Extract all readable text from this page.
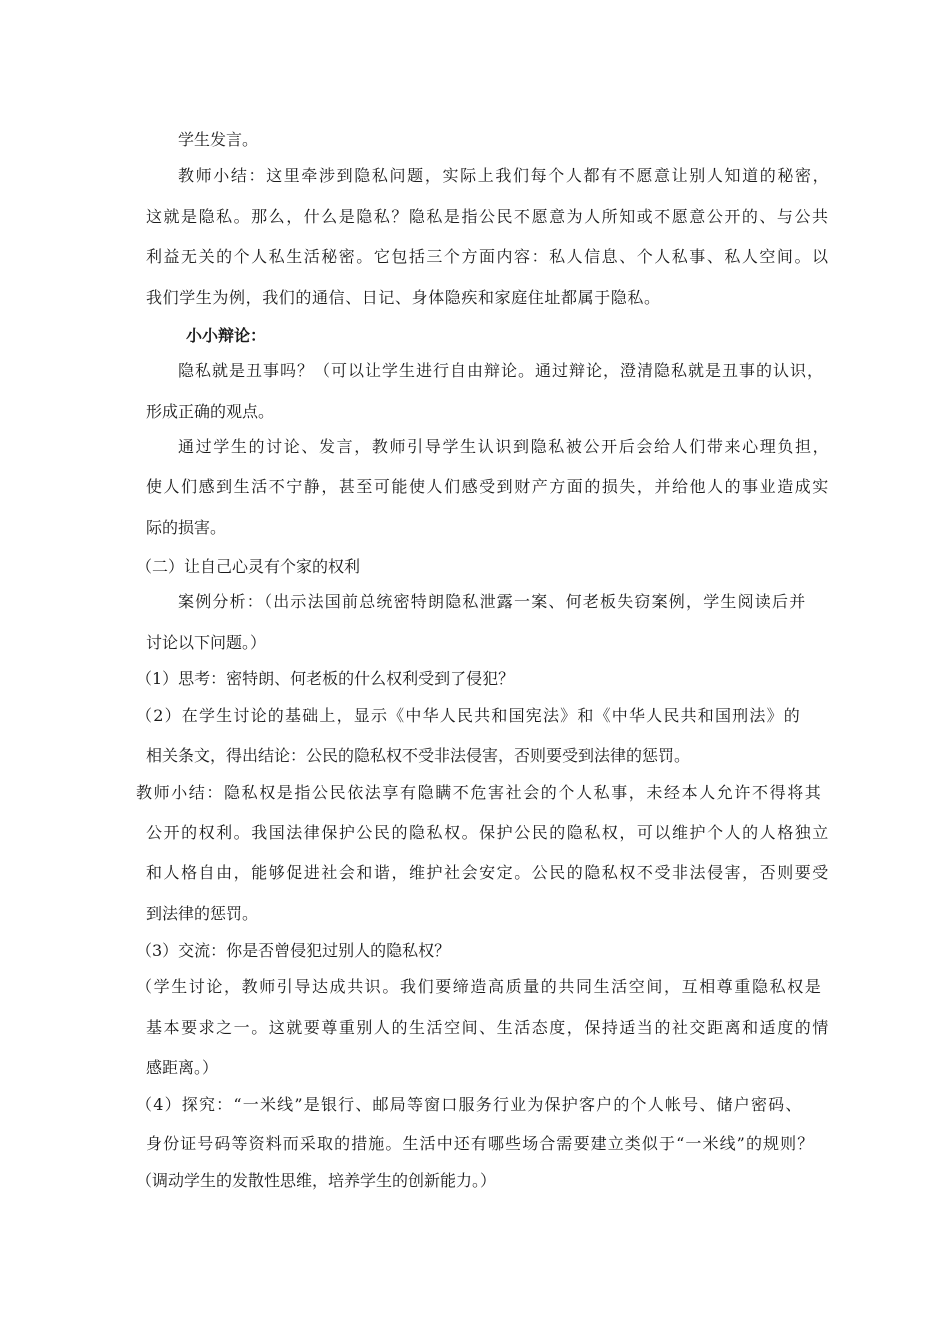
学生发言。
教师小结：这里牵涉到隐私问题，实际上我们每个人都有不愿意让别人知道的秘密，
这就是隐私。那么，什么是隐私？隐私是指公民不愿意为人所知或不愿意公开的、与公共
利益无关的个人私生活秘密。它包括三个方面内容：私人信息、个人私事、私人空间。以
我们学生为例，我们的通信、日记、身体隐疾和家庭住址都属于隐私。
小小辩论：
隐私就是丑事吗？（可以让学生进行自由辩论。通过辩论，澄清隐私就是丑事的认识，
形成正确的观点。
通过学生的讨论、发言，教师引导学生认识到隐私被公开后会给人们带来心理负担，
使人们感到生活不宁静，甚至可能使人们感受到财产方面的损失，并给他人的事业造成实
际的损害。
（二）让自己心灵有个家的权利
案例分析：（出示法国前总统密特朗隐私泄露一案、何老板失窃案例，学生阅读后并
讨论以下问题。）
（1）思考：密特朗、何老板的什么权利受到了侵犯？
（2）在学生讨论的基础上，显示《中华人民共和国宪法》和《中华人民共和国刑法》的
相关条文，得出结论：公民的隐私权不受非法侵害，否则要受到法律的惩罚。
教师小结：隐私权是指公民依法享有隐瞒不危害社会的个人私事，未经本人允许不得将其
公开的权利。我国法律保护公民的隐私权。保护公民的隐私权，可以维护个人的人格独立
和人格自由，能够促进社会和谐，维护社会安定。公民的隐私权不受非法侵害，否则要受
到法律的惩罚。
（3）交流：你是否曾侵犯过别人的隐私权？
（学生讨论，教师引导达成共识。我们要缔造高质量的共同生活空间，互相尊重隐私权是
基本要求之一。这就要尊重别人的生活空间、生活态度，保持适当的社交距离和适度的情
感距离。）
（4）探究：“一米线”是银行、邮局等窗口服务行业为保护客户的个人帐号、储户密码、
身份证号码等资料而采取的措施。生活中还有哪些场合需要建立类似于“一米线”的规则？
（调动学生的发散性思维，培养学生的创新能力。）
